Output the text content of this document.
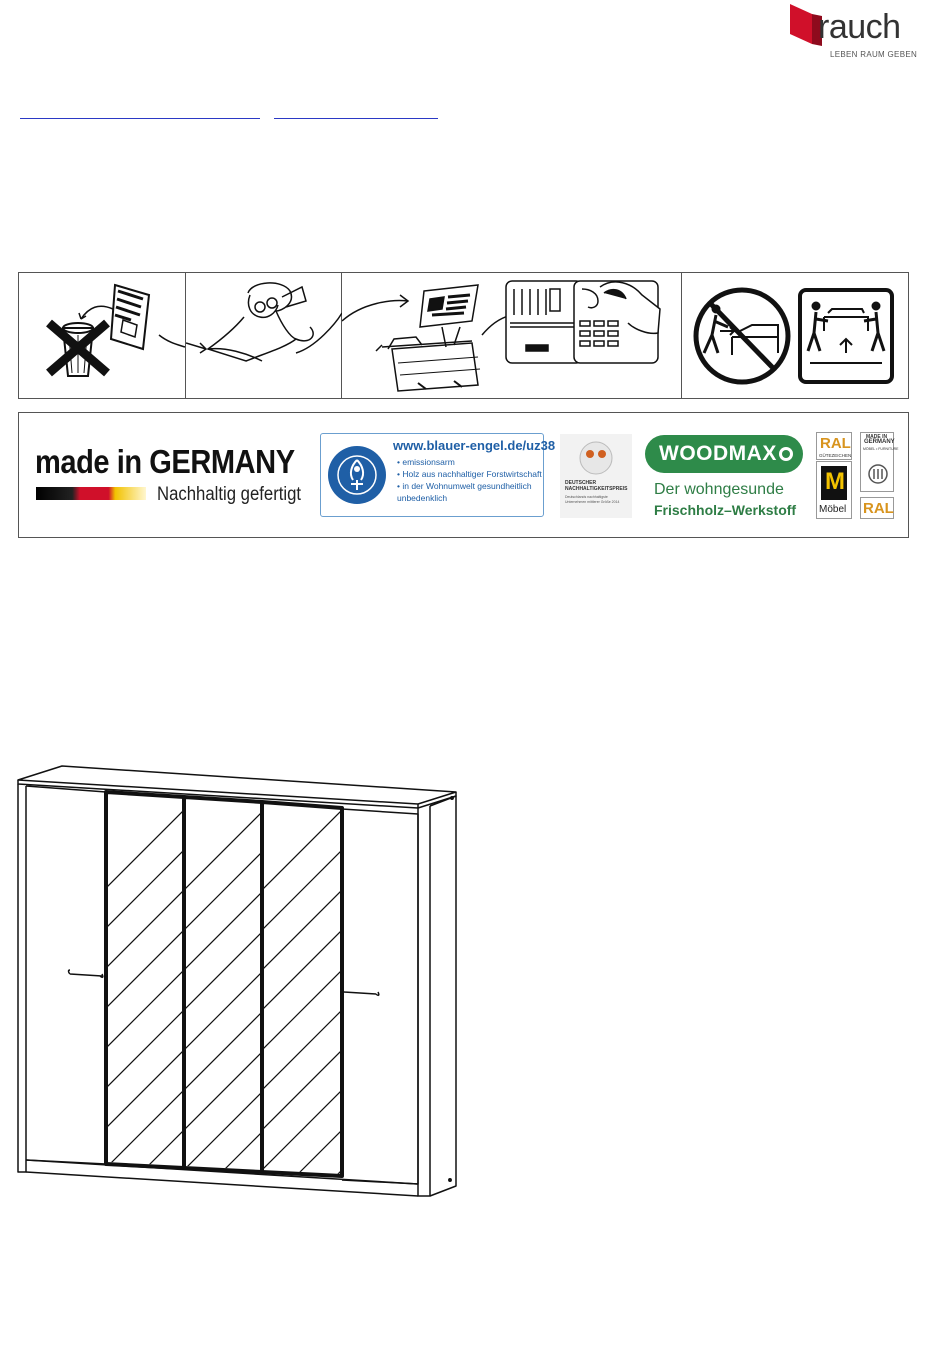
rauch
LEBEN RAUM GEBEN
made in GERMANY
Nachhaltig gefertigt
www.blauer-engel.de/uz38
• emissionsarm
• Holz aus nachhaltiger Forstwirtschaft
• in der Wohnumwelt gesundheitlich unbedenklich
DEUTSCHER NACHHALTIGKEITSPREIS
Deutschlands nachhaltigste Unternehmen mittlerer Größe 2014
WOODMAX
Der wohngesunde
Frischholz–Werkstoff
RAL
GÜTEZEICHEN
M
Möbel
MADE IN
GERMANY
MÖBEL • FURNITURE
RAL
